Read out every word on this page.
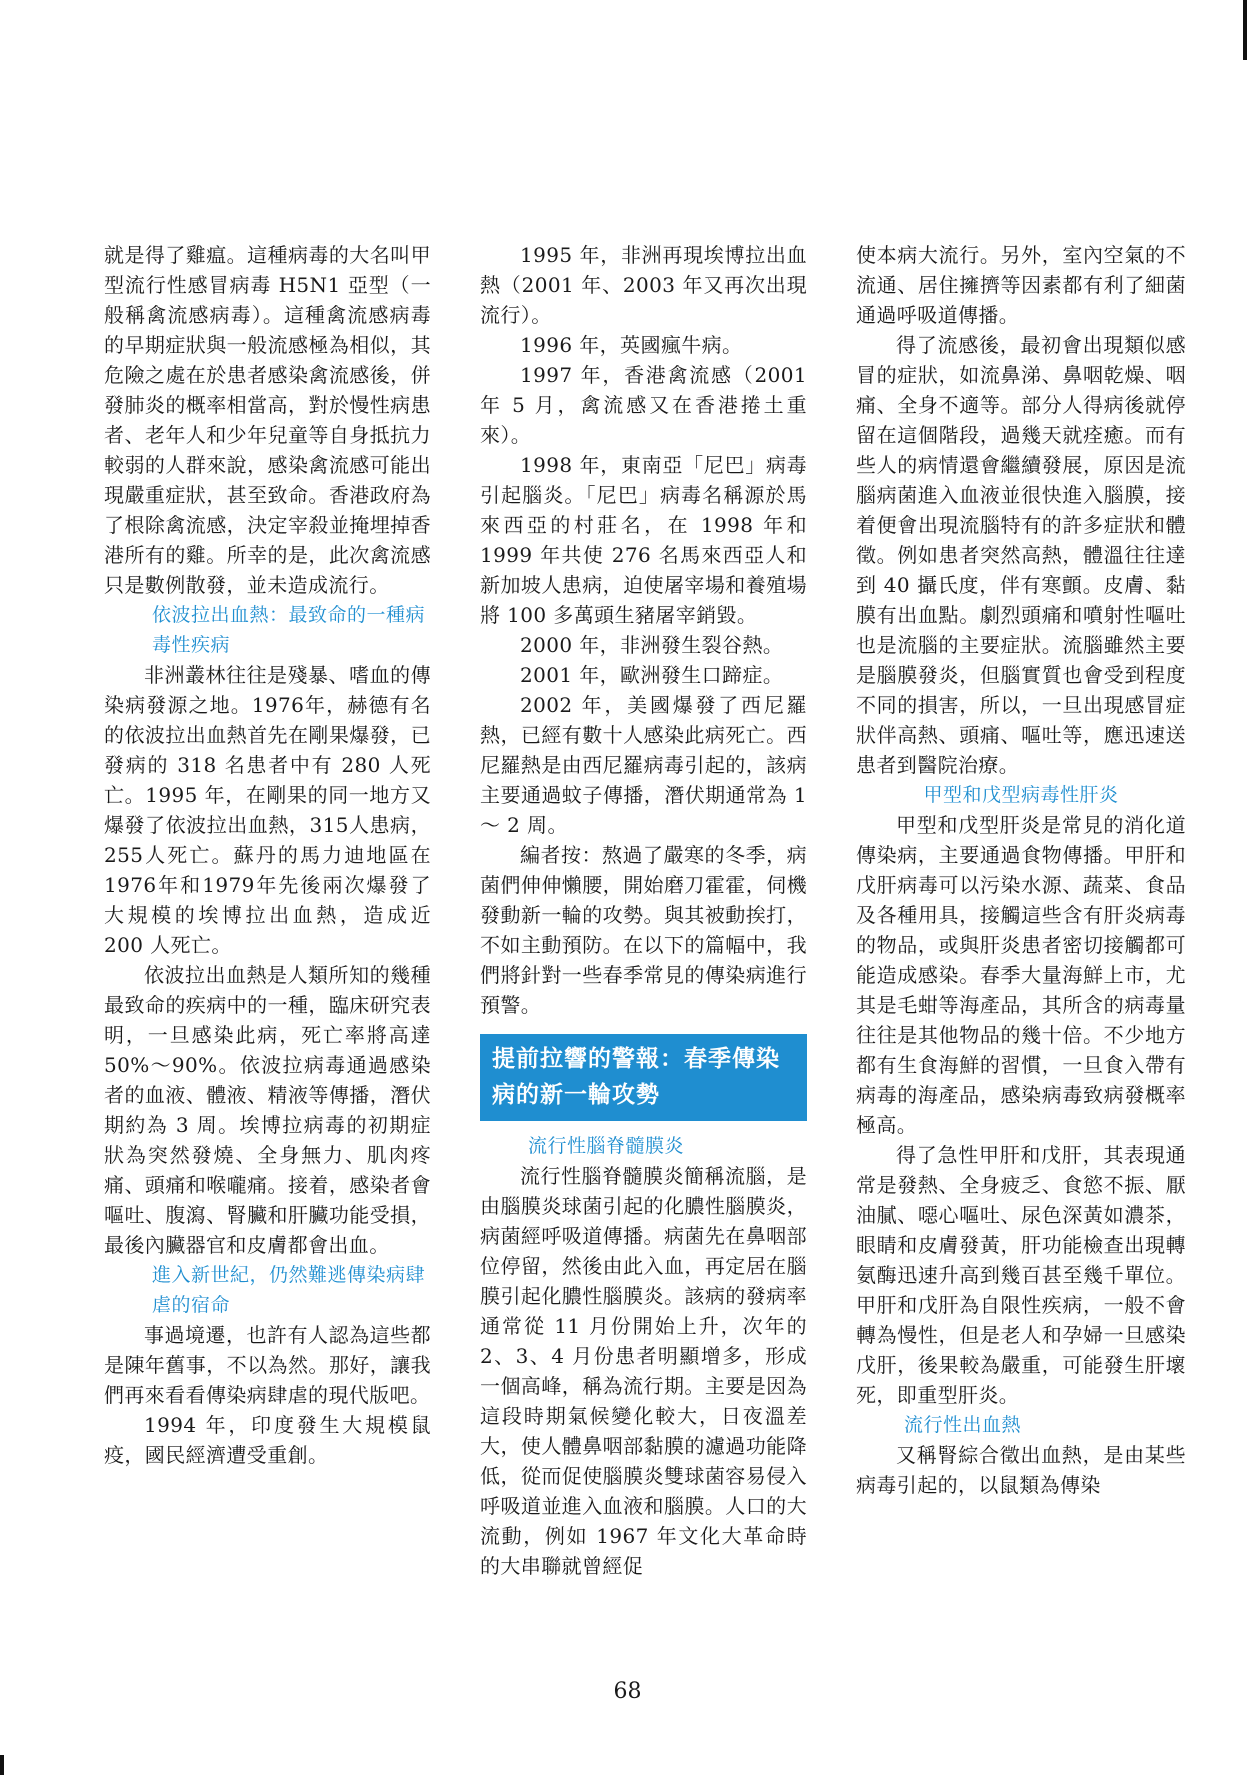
就是得了雞瘟。這種病毒的大名叫甲型流行性感冒病毒 H5N1 亞型（一般稱禽流感病毒）。這種禽流感病毒的早期症狀與一般流感極為相似，其危險之處在於患者感染禽流感後，併發肺炎的概率相當高，對於慢性病患者、老年人和少年兒童等自身抵抗力較弱的人群來說，感染禽流感可能出現嚴重症狀，甚至致命。香港政府為了根除禽流感，決定宰殺並掩埋掉香港所有的雞。所幸的是，此次禽流感只是數例散發，並未造成流行。

依波拉出血熱：最致命的一種病毒性疾病

非洲叢林往往是殘暴、嗜血的傳染病發源之地。1976年，赫德有名的依波拉出血熱首先在剛果爆發，已發病的 318 名患者中有 280 人死亡。1995 年，在剛果的同一地方又爆發了依波拉出血熱，315人患病，255人死亡。蘇丹的馬力迪地區在1976年和1979年先後兩次爆發了大規模的埃博拉出血熱，造成近 200 人死亡。

依波拉出血熱是人類所知的幾種最致命的疾病中的一種，臨床研究表明，一旦感染此病，死亡率將高達50%～90%。依波拉病毒通過感染者的血液、體液、精液等傳播，潛伏期約為 3 周。埃博拉病毒的初期症狀為突然發燒、全身無力、肌肉疼痛、頭痛和喉嚨痛。接着，感染者會嘔吐、腹瀉、腎臟和肝臟功能受損，最後內臟器官和皮膚都會出血。

進入新世紀，仍然難逃傳染病肆虐的宿命

事過境遷，也許有人認為這些都是陳年舊事，不以為然。那好，讓我們再來看看傳染病肆虐的現代版吧。

1994 年，印度發生大規模鼠疫，國民經濟遭受重創。

1995 年，非洲再現埃博拉出血熱（2001 年、2003 年又再次出現流行）。

1996 年，英國瘋牛病。

1997 年，香港禽流感（2001 年 5 月，禽流感又在香港捲土重來）。

1998 年，東南亞「尼巴」病毒引起腦炎。「尼巴」病毒名稱源於馬來西亞的村莊名，在 1998 年和 1999 年共使 276 名馬來西亞人和新加坡人患病，迫使屠宰場和養殖場將 100 多萬頭生豬屠宰銷毀。

2000 年，非洲發生裂谷熱。

2001 年，歐洲發生口蹄症。

2002 年，美國爆發了西尼羅熱，已經有數十人感染此病死亡。西尼羅熱是由西尼羅病毒引起的，該病主要通過蚊子傳播，潛伏期通常為 1 ～ 2 周。

編者按：熬過了嚴寒的冬季，病菌們伸伸懶腰，開始磨刀霍霍，伺機發動新一輪的攻勢。與其被動挨打，不如主動預防。在以下的篇幅中，我們將針對一些春季常見的傳染病進行預警。

提前拉響的警報：春季傳染病的新一輪攻勢

流行性腦脊髓膜炎

流行性腦脊髓膜炎簡稱流腦，是由腦膜炎球菌引起的化膿性腦膜炎，病菌經呼吸道傳播。病菌先在鼻咽部位停留，然後由此入血，再定居在腦膜引起化膿性腦膜炎。該病的發病率通常從 11 月份開始上升，次年的 2、3、4 月份患者明顯增多，形成一個高峰，稱為流行期。主要是因為這段時期氣候變化較大，日夜溫差大，使人體鼻咽部黏膜的濾過功能降低，從而促使腦膜炎雙球菌容易侵入呼吸道並進入血液和腦膜。人口的大流動，例如 1967 年文化大革命時的大串聯就曾經促

使本病大流行。另外，室內空氣的不流通、居住擁擠等因素都有利了細菌通過呼吸道傳播。

得了流感後，最初會出現類似感冒的症狀，如流鼻涕、鼻咽乾燥、咽痛、全身不適等。部分人得病後就停留在這個階段，過幾天就痊癒。而有些人的病情還會繼續發展，原因是流腦病菌進入血液並很快進入腦膜，接着便會出現流腦特有的許多症狀和體徵。例如患者突然高熱，體溫往往達到 40 攝氏度，伴有寒顫。皮膚、黏膜有出血點。劇烈頭痛和噴射性嘔吐也是流腦的主要症狀。流腦雖然主要是腦膜發炎，但腦實質也會受到程度不同的損害，所以，一旦出現感冒症狀伴高熱、頭痛、嘔吐等，應迅速送患者到醫院治療。

甲型和戊型病毒性肝炎

甲型和戊型肝炎是常見的消化道傳染病，主要通過食物傳播。甲肝和戊肝病毒可以污染水源、蔬菜、食品及各種用具，接觸這些含有肝炎病毒的物品，或與肝炎患者密切接觸都可能造成感染。春季大量海鮮上市，尤其是毛蚶等海產品，其所含的病毒量往往是其他物品的幾十倍。不少地方都有生食海鮮的習慣，一旦食入帶有病毒的海產品，感染病毒致病發概率極高。

得了急性甲肝和戊肝，其表現通常是發熱、全身疲乏、食慾不振、厭油膩、噁心嘔吐、尿色深黃如濃茶，眼睛和皮膚發黃，肝功能檢查出現轉氨酶迅速升高到幾百甚至幾千單位。甲肝和戊肝為自限性疾病，一般不會轉為慢性，但是老人和孕婦一旦感染戊肝，後果較為嚴重，可能發生肝壞死，即重型肝炎。

流行性出血熱

又稱腎綜合徵出血熱，是由某些病毒引起的，以鼠類為傳染

68
